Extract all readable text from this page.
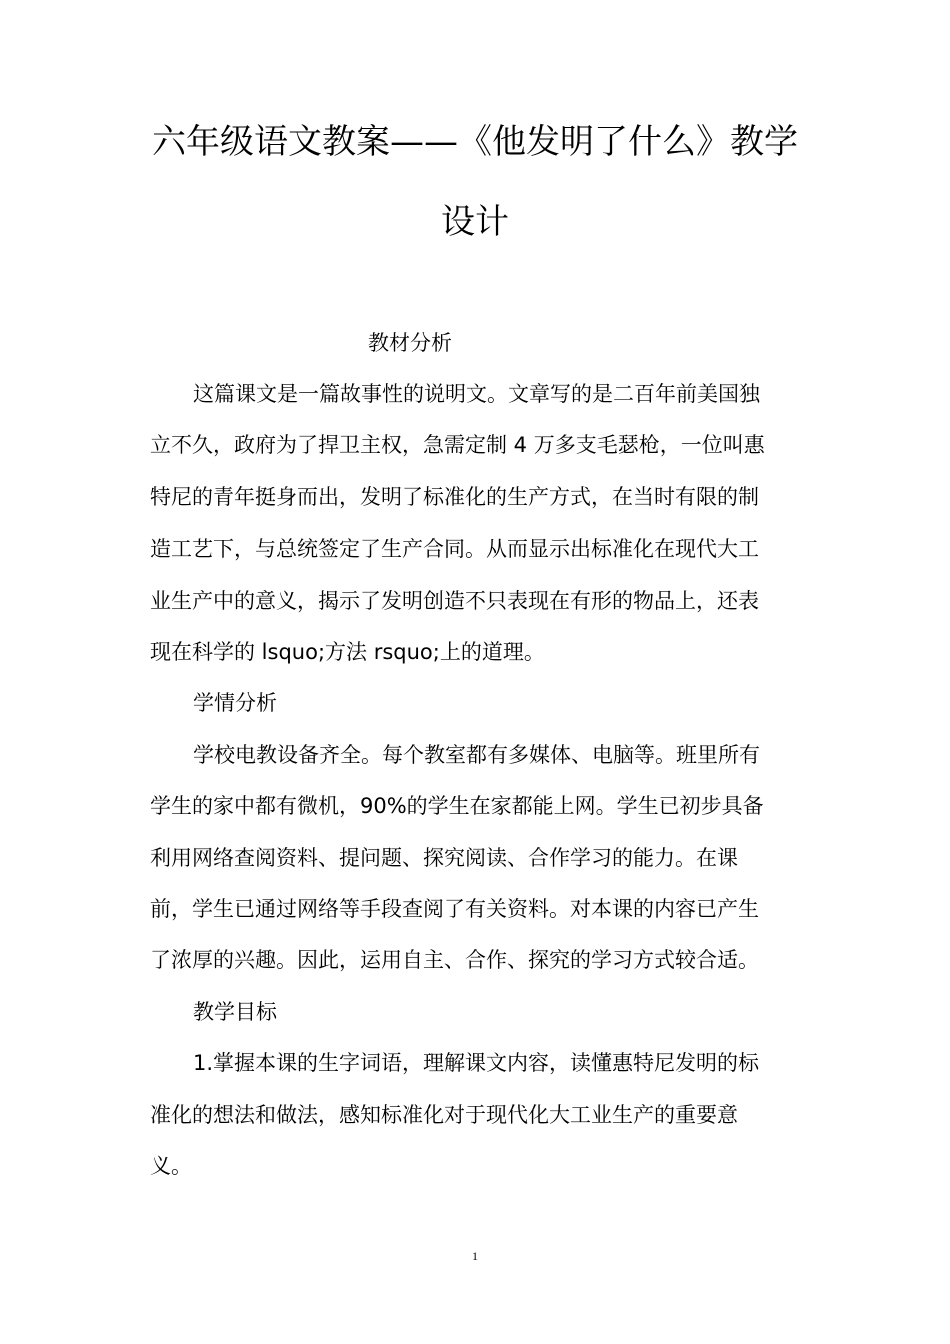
六年级语文教案——《他发明了什么》教学
设计
教材分析
这篇课文是一篇故事性的说明文。文章写的是二百年前美国独
立不久，政府为了捍卫主权，急需定制 4 万多支毛瑟枪，一位叫惠
特尼的青年挺身而出，发明了标准化的生产方式，在当时有限的制
造工艺下，与总统签定了生产合同。从而显示出标准化在现代大工
业生产中的意义，揭示了发明创造不只表现在有形的物品上，还表
现在科学的 lsquo;方法 rsquo;上的道理。
学情分析
学校电教设备齐全。每个教室都有多媒体、电脑等。班里所有
学生的家中都有微机，90%的学生在家都能上网。学生已初步具备
利用网络查阅资料、提问题、探究阅读、合作学习的能力。在课
前，学生已通过网络等手段查阅了有关资料。对本课的内容已产生
了浓厚的兴趣。因此，运用自主、合作、探究的学习方式较合适。
教学目标
1.掌握本课的生字词语，理解课文内容，读懂惠特尼发明的标
准化的想法和做法，感知标准化对于现代化大工业生产的重要意
义。
1
